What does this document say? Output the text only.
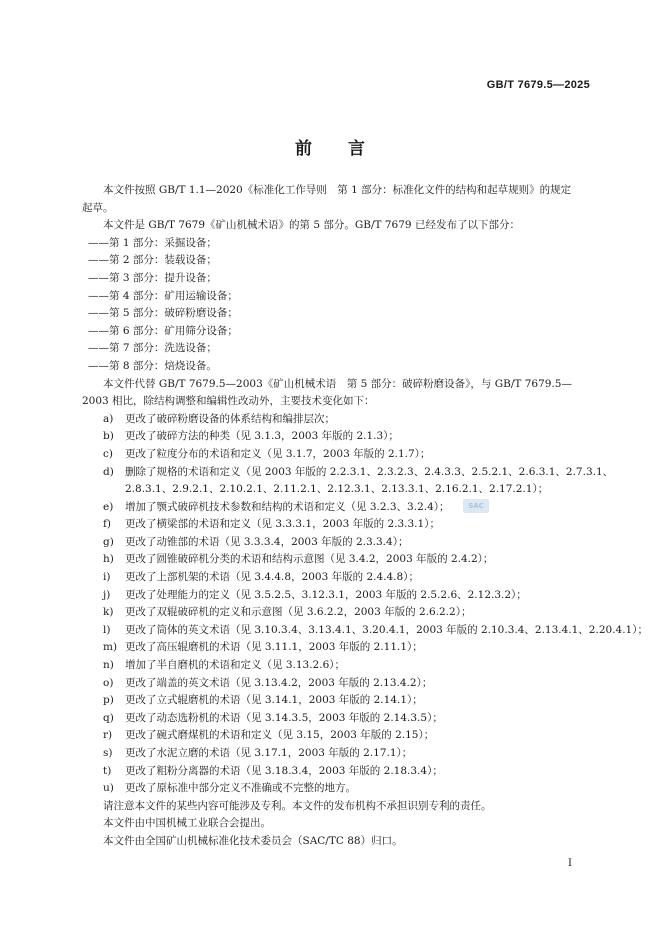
GB/T 7679.5—2025
前 言
SAC
本文件按照 GB/T 1.1—2020《标准化工作导则　第 1 部分：标准化文件的结构和起草规则》的规定
起草。
本文件是 GB/T 7679《矿山机械术语》的第 5 部分。GB/T 7679 已经发布了以下部分：
——第 1 部分：采掘设备；
——第 2 部分：装载设备；
——第 3 部分：提升设备；
——第 4 部分：矿用运输设备；
——第 5 部分：破碎粉磨设备；
——第 6 部分：矿用筛分设备；
——第 7 部分：洗选设备；
——第 8 部分：焙烧设备。
本文件代替 GB/T 7679.5—2003《矿山机械术语　第 5 部分：破碎粉磨设备》，与 GB/T 7679.5—
2003 相比，除结构调整和编辑性改动外，主要技术变化如下：
a)	更改了破碎粉磨设备的体系结构和编排层次；
b)	更改了破碎方法的种类（见 3.1.3，2003 年版的 2.1.3）；
c)	更改了粒度分布的术语和定义（见 3.1.7，2003 年版的 2.1.7）；
d)	删除了规格的术语和定义（见 2003 年版的 2.2.3.1、2.3.2.3、2.4.3.3、2.5.2.1、2.6.3.1、2.7.3.1、
2.8.3.1、2.9.2.1、2.10.2.1、2.11.2.1、2.12.3.1、2.13.3.1、2.16.2.1、2.17.2.1）；
e)	增加了颚式破碎机技术参数和结构的术语和定义（见 3.2.3、3.2.4）；
f)	更改了横梁部的术语和定义（见 3.3.3.1，2003 年版的 2.3.3.1）；
g)	更改了动锥部的术语（见 3.3.3.4，2003 年版的 2.3.3.4）；
h)	更改了圆锥破碎机分类的术语和结构示意图（见 3.4.2，2003 年版的 2.4.2）；
i)	更改了上部机架的术语（见 3.4.4.8，2003 年版的 2.4.4.8）；
j)	更改了处理能力的定义（见 3.5.2.5、3.12.3.1，2003 年版的 2.5.2.6、2.12.3.2）；
k)	更改了双辊破碎机的定义和示意图（见 3.6.2.2，2003 年版的 2.6.2.2）；
l)	更改了筒体的英文术语（见 3.10.3.4、3.13.4.1、3.20.4.1，2003 年版的 2.10.3.4、2.13.4.1、2.20.4.1）；
m) 更改了高压辊磨机的术语（见 3.11.1，2003 年版的 2.11.1）；
n)	增加了半自磨机的术语和定义（见 3.13.2.6）；
o)	更改了端盖的英文术语（见 3.13.4.2，2003 年版的 2.13.4.2）；
p)	更改了立式辊磨机的术语（见 3.14.1，2003 年版的 2.14.1）；
q)	更改了动态选粉机的术语（见 3.14.3.5，2003 年版的 2.14.3.5）；
r)	更改了碗式磨煤机的术语和定义（见 3.15，2003 年版的 2.15）；
s)	更改了水泥立磨的术语（见 3.17.1，2003 年版的 2.17.1）；
t)	更改了粗粉分离器的术语（见 3.18.3.4，2003 年版的 2.18.3.4）；
u)	更改了原标准中部分定义不准确或不完整的地方。
请注意本文件的某些内容可能涉及专利。本文件的发布机构不承担识别专利的责任。
本文件由中国机械工业联合会提出。
本文件由全国矿山机械标准化技术委员会（SAC/TC 88）归口。
I
